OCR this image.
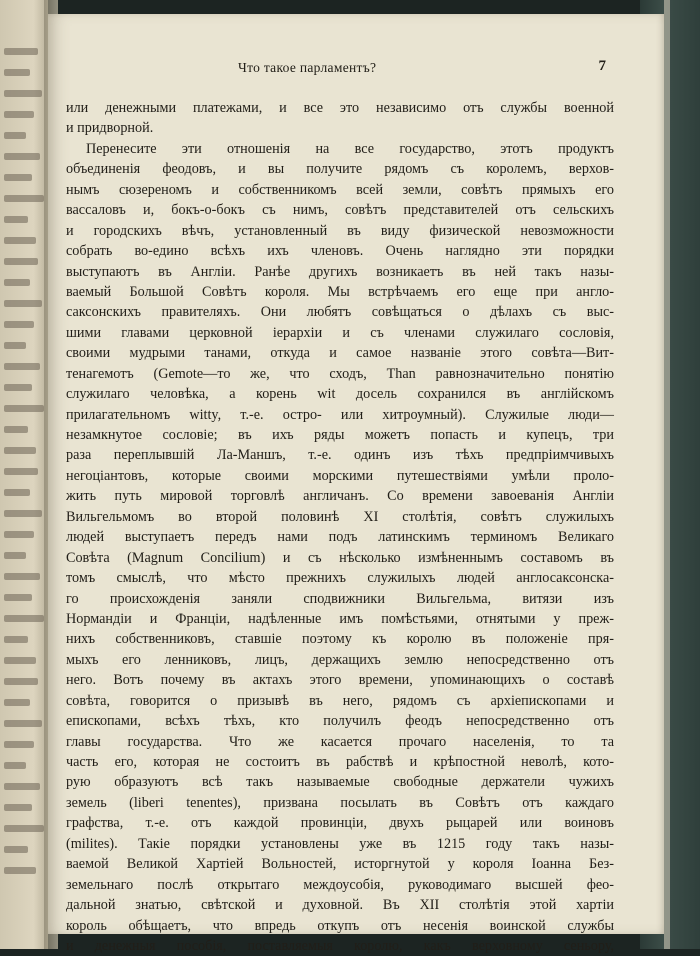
Что такое парламентъ?	7
или денежными платежами, и все это независимо отъ службы военной
и придворной.
Перенесите эти отношенія на все государство, этотъ продуктъ
объединенія феодовъ, и вы получите рядомъ съ королемъ, верхов-
нымъ сюзереномъ и собственникомъ всей земли, совѣтъ прямыхъ его
вассаловъ и, бокъ-о-бокъ съ нимъ, совѣтъ представителей отъ сельскихъ
и городскихъ вѣчъ, установленный въ виду физической невозможности
собрать во-едино всѣхъ ихъ членовъ. Очень наглядно эти порядки
выступаютъ въ Англіи. Ранѣе другихъ возникаетъ въ ней такъ назы-
ваемый Большой Совѣтъ короля. Мы встрѣчаемъ его еще при англо-
саксонскихъ правителяхъ. Они любятъ совѣщаться о дѣлахъ съ выс-
шими главами церковной іерархіи и съ членами служилаго сословія,
своими мудрыми танами, откуда и самое названіе этого совѣта—Вит-
тенагемотъ (Gemote—то же, что сходъ, Than равнозначительно понятію
служилаго человѣка, а корень wit досель сохранился въ англійскомъ
прилагательномъ witty, т.-е. остро- или хитроумный). Служилые люди—
незамкнутое сословіе; въ ихъ ряды можетъ попасть и купецъ, три
раза переплывшій Ла-Маншъ, т.-е. одинъ изъ тѣхъ предпріимчивыхъ
негоціантовъ, которые своими морскими путешествіями умѣли проло-
жить путь мировой торговлѣ англичанъ. Со времени завоеванія Англіи
Вильгельмомъ во второй половинѣ XI столѣтія, совѣтъ служилыхъ
людей выступаетъ передъ нами подъ латинскимъ терминомъ Великаго
Совѣта (Magnum Concilium) и съ нѣсколько измѣненнымъ составомъ въ
томъ смыслѣ, что мѣсто прежнихъ служилыхъ людей англосаксонска-
го происхожденія заняли сподвижники Вильгельма, витязи изъ
Нормандіи и Франціи, надѣленные имъ помѣстьями, отнятыми у преж-
нихъ собственниковъ, ставшіе поэтому къ королю въ положеніе пря-
мыхъ его ленниковъ, лицъ, держащихъ землю непосредственно отъ
него. Вотъ почему въ актахъ этого времени, упоминающихъ о составѣ
совѣта, говорится о призывѣ въ него, рядомъ съ архіепископами и
епископами, всѣхъ тѣхъ, кто получилъ феодъ непосредственно отъ
главы государства. Что же касается прочаго населенія, то та
часть его, которая не состоитъ въ рабствѣ и крѣпостной неволѣ, кото-
рую образуютъ всѣ такъ называемые свободные держатели чужихъ
земель (liberi tenentes), призвана посылать въ Совѣтъ отъ каждаго
графства, т.-е. отъ каждой провинціи, двухъ рыцарей или воиновъ
(milites). Такіе порядки установлены уже въ 1215 году такъ назы-
ваемой Великой Хартіей Вольностей, исторгнутой у короля Іоанна Без-
земельнаго послѣ открытаго междоусобія, руководимаго высшей фео-
дальной знатью, свѣтской и духовной. Въ XII столѣтія этой хартіи
король обѣщаетъ, что впредь откупъ отъ несенія воинской службы
и денежныя пособія, поставляемыя королю, какъ верховному сеньору,
